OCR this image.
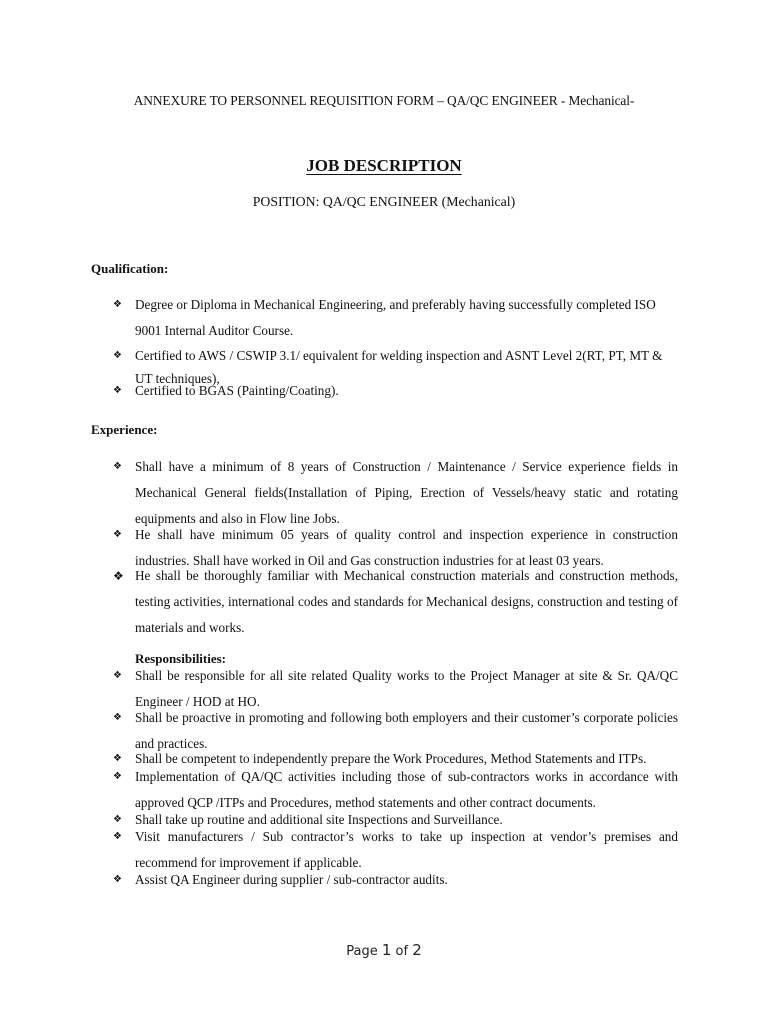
ANNEXURE TO PERSONNEL REQUISITION FORM – QA/QC ENGINEER - Mechanical-
JOB DESCRIPTION
POSITION: QA/QC ENGINEER (Mechanical)
Qualification:
❖ Degree or Diploma in Mechanical Engineering, and preferably having successfully completed ISO 9001 Internal Auditor Course.
❖ Certified to AWS / CSWIP 3.1/ equivalent for welding inspection and ASNT Level 2(RT, PT, MT & UT techniques),
❖ Certified to BGAS (Painting/Coating).
Experience:
❖ Shall have a minimum of 8 years of Construction / Maintenance / Service experience fields in Mechanical General fields(Installation of Piping, Erection of Vessels/heavy static and rotating equipments and also in Flow line Jobs.
❖ He shall have minimum 05 years of quality control and inspection experience in construction industries. Shall have worked in Oil and Gas construction industries for at least 03 years.
❖ He shall be thoroughly familiar with Mechanical construction materials and construction methods, testing activities, international codes and standards for Mechanical designs, construction and testing of materials and works.
Responsibilities:
❖ Shall be responsible for all site related Quality works to the Project Manager at site & Sr. QA/QC Engineer / HOD at HO.
❖ Shall be proactive in promoting and following both employers and their customer’s corporate policies and practices.
❖ Shall be competent to independently prepare the Work Procedures, Method Statements and ITPs.
❖ Implementation of QA/QC activities including those of sub-contractors works in accordance with approved QCP /ITPs and Procedures, method statements and other contract documents.
❖ Shall take up routine and additional site Inspections and Surveillance.
❖ Visit manufacturers / Sub contractor’s works to take up inspection at vendor’s premises and recommend for improvement if applicable.
❖ Assist QA Engineer during supplier / sub-contractor audits.
Page 1 of 2
